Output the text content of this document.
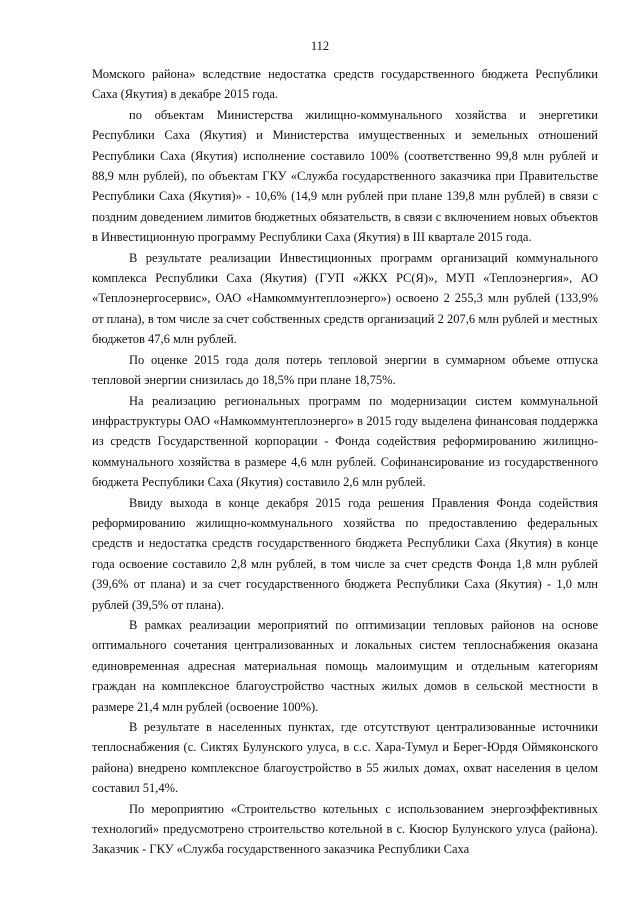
112

Момского района» вследствие недостатка средств государственного бюджета Республики Саха (Якутия) в декабре 2015 года.

по объектам Министерства жилищно-коммунального хозяйства и энергетики Республики Саха (Якутия) и Министерства имущественных и земельных отношений Республики Саха (Якутия) исполнение составило 100% (соответственно 99,8 млн рублей и 88,9 млн рублей), по объектам ГКУ «Служба государственного заказчика при Правительстве Республики Саха (Якутия)» - 10,6% (14,9 млн рублей при плане 139,8 млн рублей) в связи с поздним доведением лимитов бюджетных обязательств, в связи с включением новых объектов в Инвестиционную программу Республики Саха (Якутия) в III квартале 2015 года.

В результате реализации Инвестиционных программ организаций коммунального комплекса Республики Саха (Якутия) (ГУП «ЖКХ РС(Я)», МУП «Теплоэнергия», АО «Теплоэнергосервис», ОАО «Намкоммунтеплоэнерго») освоено 2 255,3 млн рублей (133,9% от плана), в том числе за счет собственных средств организаций 2 207,6 млн рублей и местных бюджетов 47,6 млн рублей.

По оценке 2015 года доля потерь тепловой энергии в суммарном объеме отпуска тепловой энергии снизилась до 18,5% при плане 18,75%.

На реализацию региональных программ по модернизации систем коммунальной инфраструктуры ОАО «Намкоммунтеплоэнерго» в 2015 году выделена финансовая поддержка из средств Государственной корпорации - Фонда содействия реформированию жилищно-коммунального хозяйства в размере 4,6 млн рублей. Софинансирование из государственного бюджета Республики Саха (Якутия) составило 2,6 млн рублей.

Ввиду выхода в конце декабря 2015 года решения Правления Фонда содействия реформированию жилищно-коммунального хозяйства по предоставлению федеральных средств и недостатка средств государственного бюджета Республики Саха (Якутия) в конце года освоение составило 2,8 млн рублей, в том числе за счет средств Фонда 1,8 млн рублей (39,6% от плана) и за счет государственного бюджета Республики Саха (Якутия) - 1,0 млн рублей (39,5% от плана).

В рамках реализации мероприятий по оптимизации тепловых районов на основе оптимального сочетания централизованных и локальных систем теплоснабжения оказана единовременная адресная материальная помощь малоимущим и отдельным категориям граждан на комплексное благоустройство частных жилых домов в сельской местности в размере 21,4 млн рублей (освоение 100%).

В результате в населенных пунктах, где отсутствуют централизованные источники теплоснабжения (с. Сиктях Булунского улуса, в с.с. Хара-Тумул и Берег-Юрдя Оймяконского района) внедрено комплексное благоустройство в 55 жилых домах, охват населения в целом составил 51,4%.

По мероприятию «Строительство котельных с использованием энергоэффективных технологий» предусмотрено строительство котельной в с. Кюсюр Булунского улуса (района). Заказчик - ГКУ «Служба государственного заказчика Республики Саха
